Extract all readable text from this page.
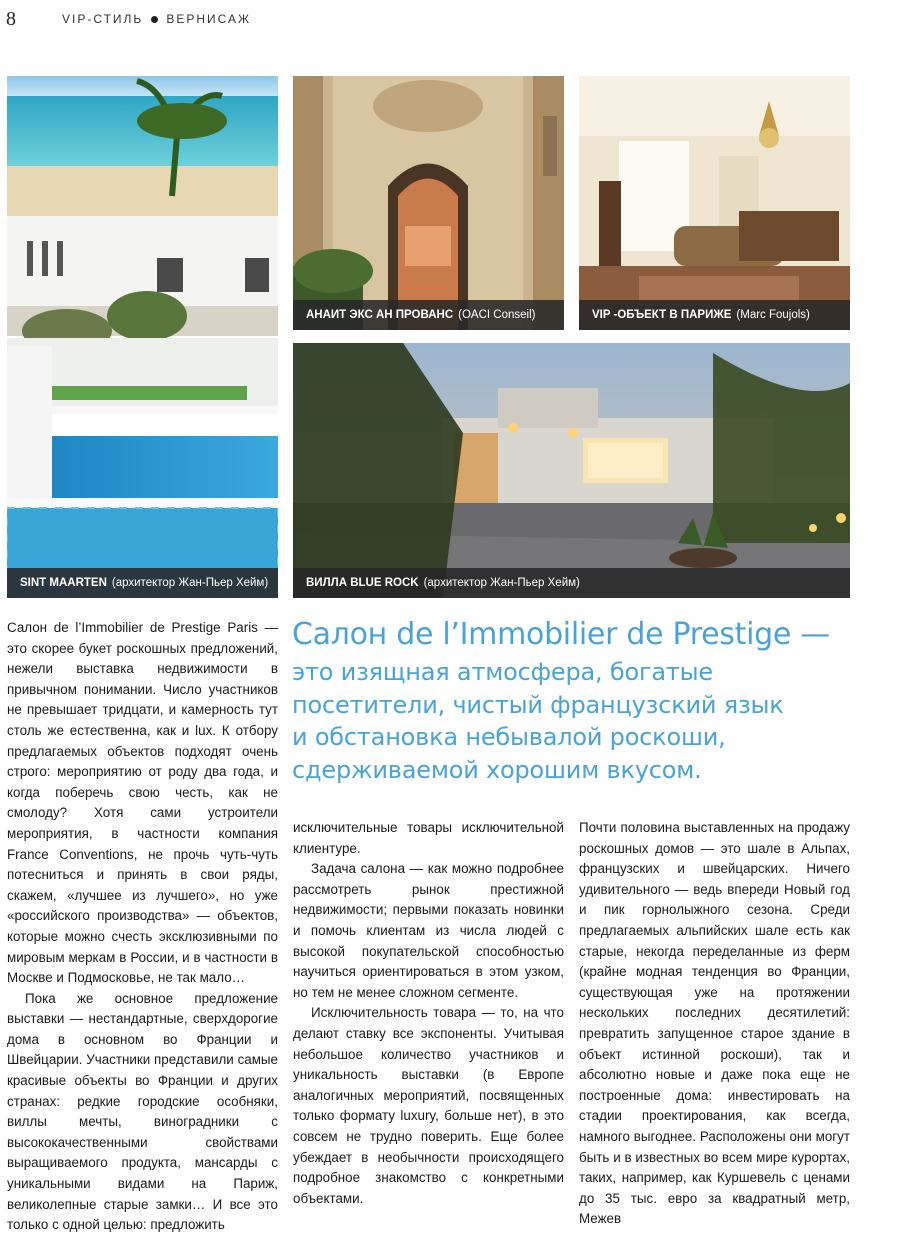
8	VIP-СТИЛЬ ВЕРНИСАЖ
SINT MAARTEN (архитектор Жан-Пьер Хейм)
АНАИТ ЭКС АН ПРОВАНС (OACI Conseil)	VIP -ОБЪЕКТ В ПАРИЖЕ (Marc Foujols)
ВИЛЛА BLUE ROCK (архитектор Жан-Пьер Хейм)
Салон de l’Immobilier de Prestige —
это изящная атмосфера, богатые
посетители, чистый французский язык
и обстановка небывалой роскоши,
сдерживаемой хорошим вкусом.

Салон de l’Immobilier de Prestige Paris — это скорее букет роскошных предложений, нежели выставка недвижимости в привычном понимании. Число участников не превышает тридцати, и камерность тут столь же естественна, как и lux. К отбору предлагаемых объектов подходят очень строго: мероприятию от роду два года, и когда поберечь свою честь, как не смолоду? Хотя сами устроители мероприятия, в частности компания France Conventions, не прочь чуть-чуть потесниться и принять в свои ряды, скажем, «лучшее из лучшего», но уже «российского производства» — объектов, которые можно счесть эксклюзивными по мировым меркам в России, и в частности в Москве и Подмосковье, не так мало…

Пока же основное предложение выставки — нестандартные, сверхдорогие дома в основном во Франции и Швейцарии. Участники представили самые красивые объекты во Франции и других странах: редкие городские особняки, виллы мечты, виноградники с высококачественными свойствами выращиваемого продукта, мансарды с уникальными видами на Париж, великолепные старые замки… И все это только с одной целью: предложить

исключительные товары исключительной клиентуре.

Задача салона — как можно подробнее рассмотреть рынок престижной недвижимости; первыми показать новинки и помочь клиентам из числа людей с высокой покупательской способностью научиться ориентироваться в этом узком, но тем не менее сложном сегменте.

Исключительность товара — то, на что делают ставку все экспоненты. Учитывая небольшое количество участников и уникальность выставки (в Европе аналогичных мероприятий, посвященных только формату luxury, больше нет), в это совсем не трудно поверить. Еще более убеждает в необычности происходящего подробное знакомство с конкретными объектами.

Почти половина выставленных на продажу роскошных домов — это шале в Альпах, французских и швейцарских. Ничего удивительного — ведь впереди Новый год и пик горнолыжного сезона. Среди предлагаемых альпийских шале есть как старые, некогда переделанные из ферм (крайне модная тенденция во Франции, существующая уже на протяжении нескольких последних десятилетий: превратить запущенное старое здание в объект истинной роскоши), так и абсолютно новые и даже пока еще не построенные дома: инвестировать на стадии проектирования, как всегда, намного выгоднее. Расположены они могут быть и в известных во всем мире курортах, таких, например, как Куршевель с ценами до 35 тыс. евро за квадратный метр, Межев
